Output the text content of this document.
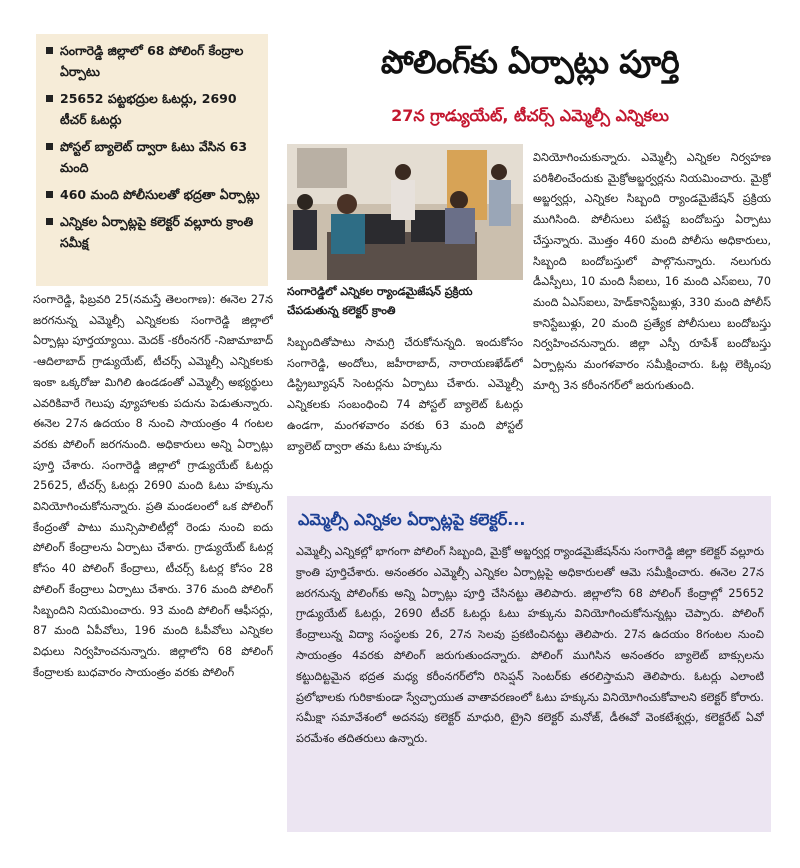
సంగారెడ్డి జిల్లాలో 68 పోలింగ్ కేంద్రాల ఏర్పాటు
25652 పట్టభద్రుల ఓటర్లు, 2690 టీచర్ ఓటర్లు
పోస్టల్ బ్యాలెట్ ద్వారా ఓటు వేసిన 63 మంది
460 మంది పోలీసులతో భద్రతా ఏర్పాట్లు
ఎన్నికల ఏర్పాట్లపై కలెక్టర్ వల్లూరు క్రాంతి సమీక్ష
పోలింగ్‌కు ఏర్పాట్లు పూర్తి
27న గ్రాడ్యుయేట్, టీచర్స్ ఎమ్మెల్సీ ఎన్నికలు
సంగారెడ్డిలో ఎన్నికల ర్యాండమైజేషన్ ప్రక్రియ చేపడుతున్న కలెక్టర్ క్రాంతి

సంగారెడ్డి, ఫిబ్రవరి 25(నమస్తే తెలంగాణ): ఈనెల 27న జరగనున్న ఎమ్మెల్సీ ఎన్నికలకు సంగారెడ్డి జిల్లాలో ఏర్పాట్లు పూర్తయ్యాయి. మెదక్ -కరీంనగర్ -నిజామాబాద్ -ఆదిలాబాద్ గ్రాడ్యుయేట్, టీచర్స్ ఎమ్మెల్సీ ఎన్నికలకు ఇంకా ఒక్కరోజు మిగిలి ఉండడంతో ఎమ్మెల్సీ అభ్యర్థులు ఎవరికివారే గెలుపు వ్యూహాలకు పదును పెడుతున్నారు. ఈనెల 27న ఉదయం 8 నుంచి సాయంత్రం 4 గంటల వరకు పోలింగ్ జరగనుంది. అధికారులు అన్ని ఏర్పాట్లు పూర్తి చేశారు. సంగారెడ్డి జిల్లాలో గ్రాడ్యుయేట్ ఓటర్లు 25625, టీచర్స్ ఓటర్లు 2690 మంది ఓటు హక్కును వినియోగించుకోనున్నారు. ప్రతి మండలంలో ఒక పోలింగ్ కేంద్రంతో పాటు మున్సిపాలిటీల్లో రెండు నుంచి ఐదు పోలింగ్ కేంద్రాలను ఏర్పాటు చేశారు. గ్రాడ్యుయేట్ ఓటర్ల కోసం 40 పోలింగ్ కేంద్రాలు, టీచర్స్ ఓటర్ల కోసం 28 పోలింగ్ కేంద్రాలు ఏర్పాటు చేశారు. 376 మంది పోలింగ్ సిబ్బందిని నియమించారు. 93 మంది పోలింగ్ ఆఫీసర్లు, 87 మంది ఏపీవోలు, 196 మంది ఓపీవోలు ఎన్నికల విధులు నిర్వహించనున్నారు. జిల్లాలోని 68 పోలింగ్ కేంద్రాలకు బుధవారం సాయంత్రం వరకు పోలింగ్

సిబ్బందితోపాటు సామగ్రి చేరుకోనున్నది. ఇందుకోసం సంగారెడ్డి, అందోలు, జహీరాబాద్, నారాయణఖేడ్‌లో డిస్ట్రిబ్యూషన్ సెంటర్లను ఏర్పాటు చేశారు. ఎమ్మెల్సీ ఎన్నికలకు సంబంధించి 74 పోస్టల్ బ్యాలెట్ ఓటర్లు ఉండగా, మంగళవారం వరకు 63 మంది పోస్టల్ బ్యాలెట్ ద్వారా తమ ఓటు హక్కును

వినియోగించుకున్నారు. ఎమ్మెల్సీ ఎన్నికల నిర్వహణ పరిశీలించేందుకు మైక్రోఅబ్జర్వర్లను నియమించారు. మైక్రో అబ్జర్వర్లు, ఎన్నికల సిబ్బంది ర్యాండమైజేషన్ ప్రక్రియ ముగిసింది. పోలీసులు పటిష్ట బందోబస్తు ఏర్పాటు చేస్తున్నారు. మొత్తం 460 మంది పోలీసు అధికారులు, సిబ్బంది బందోబస్తులో పాల్గొనున్నారు. నలుగురు డీఎస్పీలు, 10 మంది సీఐలు, 16 మంది ఎస్ఐలు, 70 మంది ఏఎస్ఐలు, హెడ్‌కానిస్టేబుళ్లు, 330 మంది పోలీస్ కానిస్టేబుళ్లు, 20 మంది ప్రత్యేక పోలీసులు బందోబస్తు నిర్వహించనున్నారు. జిల్లా ఎస్పీ రూపేశ్ బందోబస్తు ఏర్పాట్లను మంగళవారం సమీక్షించారు. ఓట్ల లెక్కింపు మార్చి 3న కరీంనగర్‌లో జరుగుతుంది.

ఎమ్మెల్సీ ఎన్నికల ఏర్పాట్లపై కలెక్టర్...
ఎమ్మెల్సీ ఎన్నికల్లో భాగంగా పోలింగ్ సిబ్బంది, మైక్రో అబ్జర్వర్ల ర్యాండమైజేషన్‌ను సంగారెడ్డి జిల్లా కలెక్టర్ వల్లూరు క్రాంతి పూర్తిచేశారు. అనంతరం ఎమ్మెల్సీ ఎన్నికల ఏర్పాట్లపై అధికారులతో ఆమె సమీక్షించారు. ఈనెల 27న జరగనున్న పోలింగ్‌కు అన్ని ఏర్పాట్లు పూర్తి చేసినట్టు తెలిపారు. జిల్లాలోని 68 పోలింగ్ కేంద్రాల్లో 25652 గ్రాడ్యుయేట్ ఓటర్లు, 2690 టీచర్ ఓటర్లు ఓటు హక్కును వినియోగించుకోనున్నట్లు చెప్పారు. పోలింగ్ కేంద్రాలున్న విద్యా సంస్థలకు 26, 27న సెలవు ప్రకటించినట్టు తెలిపారు. 27న ఉదయం 8గంటల నుంచి సాయంత్రం 4వరకు పోలింగ్ జరుగుతుందన్నారు. పోలింగ్ ముగిసిన అనంతరం బ్యాలెట్ బాక్సులను కట్టుదిట్టమైన భద్రత మధ్య కరీంనగర్‌లోని రిసెప్షన్ సెంటర్‌కు తరలిస్తామని తెలిపారు. ఓటర్లు ఎలాంటి ప్రలోభాలకు గురికాకుండా స్వేచ్ఛాయుత వాతావరణంలో ఓటు హక్కును వినియోగించుకోవాలని కలెక్టర్ కోరారు. సమీక్షా సమావేశంలో అదనపు కలెక్టర్ మాధురి, ట్రైని కలెక్టర్ మనోజ్, డీఈవో వెంకటేశ్వర్లు, కలెక్టరేట్ ఏవో పరమేశం తదితరులు ఉన్నారు.
